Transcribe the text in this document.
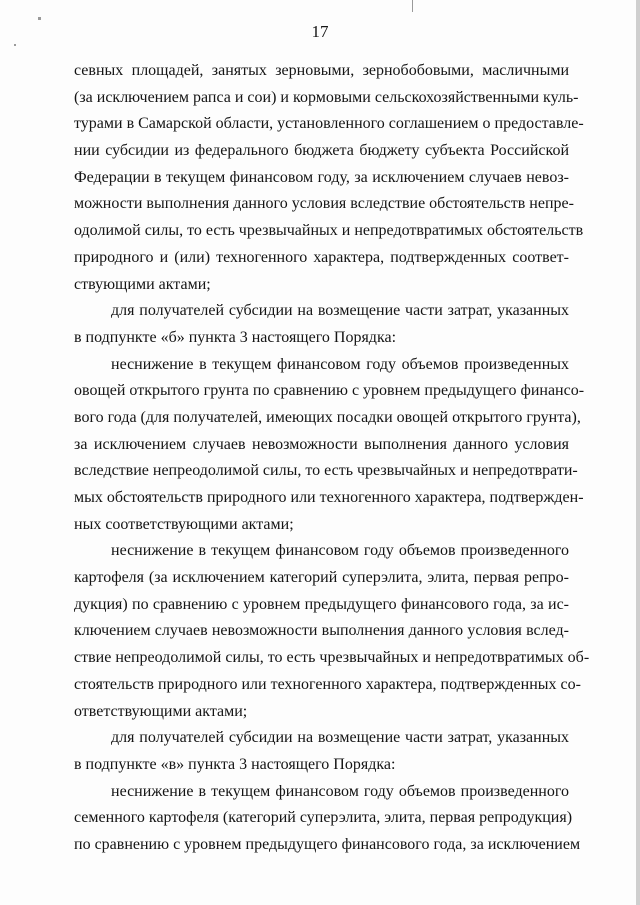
17
севных площадей, занятых зерновыми, зернобобовыми, масличными
(за исключением рапса и сои) и кормовыми сельскохозяйственными куль-
турами в Самарской области, установленного соглашением о предоставле-
нии субсидии из федерального бюджета бюджету субъекта Российской
Федерации в текущем финансовом году, за исключением случаев невоз-
можности выполнения данного условия вследствие обстоятельств непре-
одолимой силы, то есть чрезвычайных и непредотвратимых обстоятельств
природного и (или) техногенного характера, подтвержденных соответ-
ствующими актами;
для получателей субсидии на возмещение части затрат, указанных
в подпункте «б» пункта 3 настоящего Порядка:
неснижение в текущем финансовом году объемов произведенных
овощей открытого грунта по сравнению с уровнем предыдущего финансо-
вого года (для получателей, имеющих посадки овощей открытого грунта),
за исключением случаев невозможности выполнения данного условия
вследствие непреодолимой силы, то есть чрезвычайных и непредотврати-
мых обстоятельств природного или техногенного характера, подтвержден-
ных соответствующими актами;
неснижение в текущем финансовом году объемов произведенного
картофеля (за исключением категорий суперэлита, элита, первая репро-
дукция) по сравнению с уровнем предыдущего финансового года, за ис-
ключением случаев невозможности выполнения данного условия вслед-
ствие непреодолимой силы, то есть чрезвычайных и непредотвратимых об-
стоятельств природного или техногенного характера, подтвержденных со-
ответствующими актами;
для получателей субсидии на возмещение части затрат, указанных
в подпункте «в» пункта 3 настоящего Порядка:
неснижение в текущем финансовом году объемов произведенного
семенного картофеля (категорий суперэлита, элита, первая репродукция)
по сравнению с уровнем предыдущего финансового года, за исключением
